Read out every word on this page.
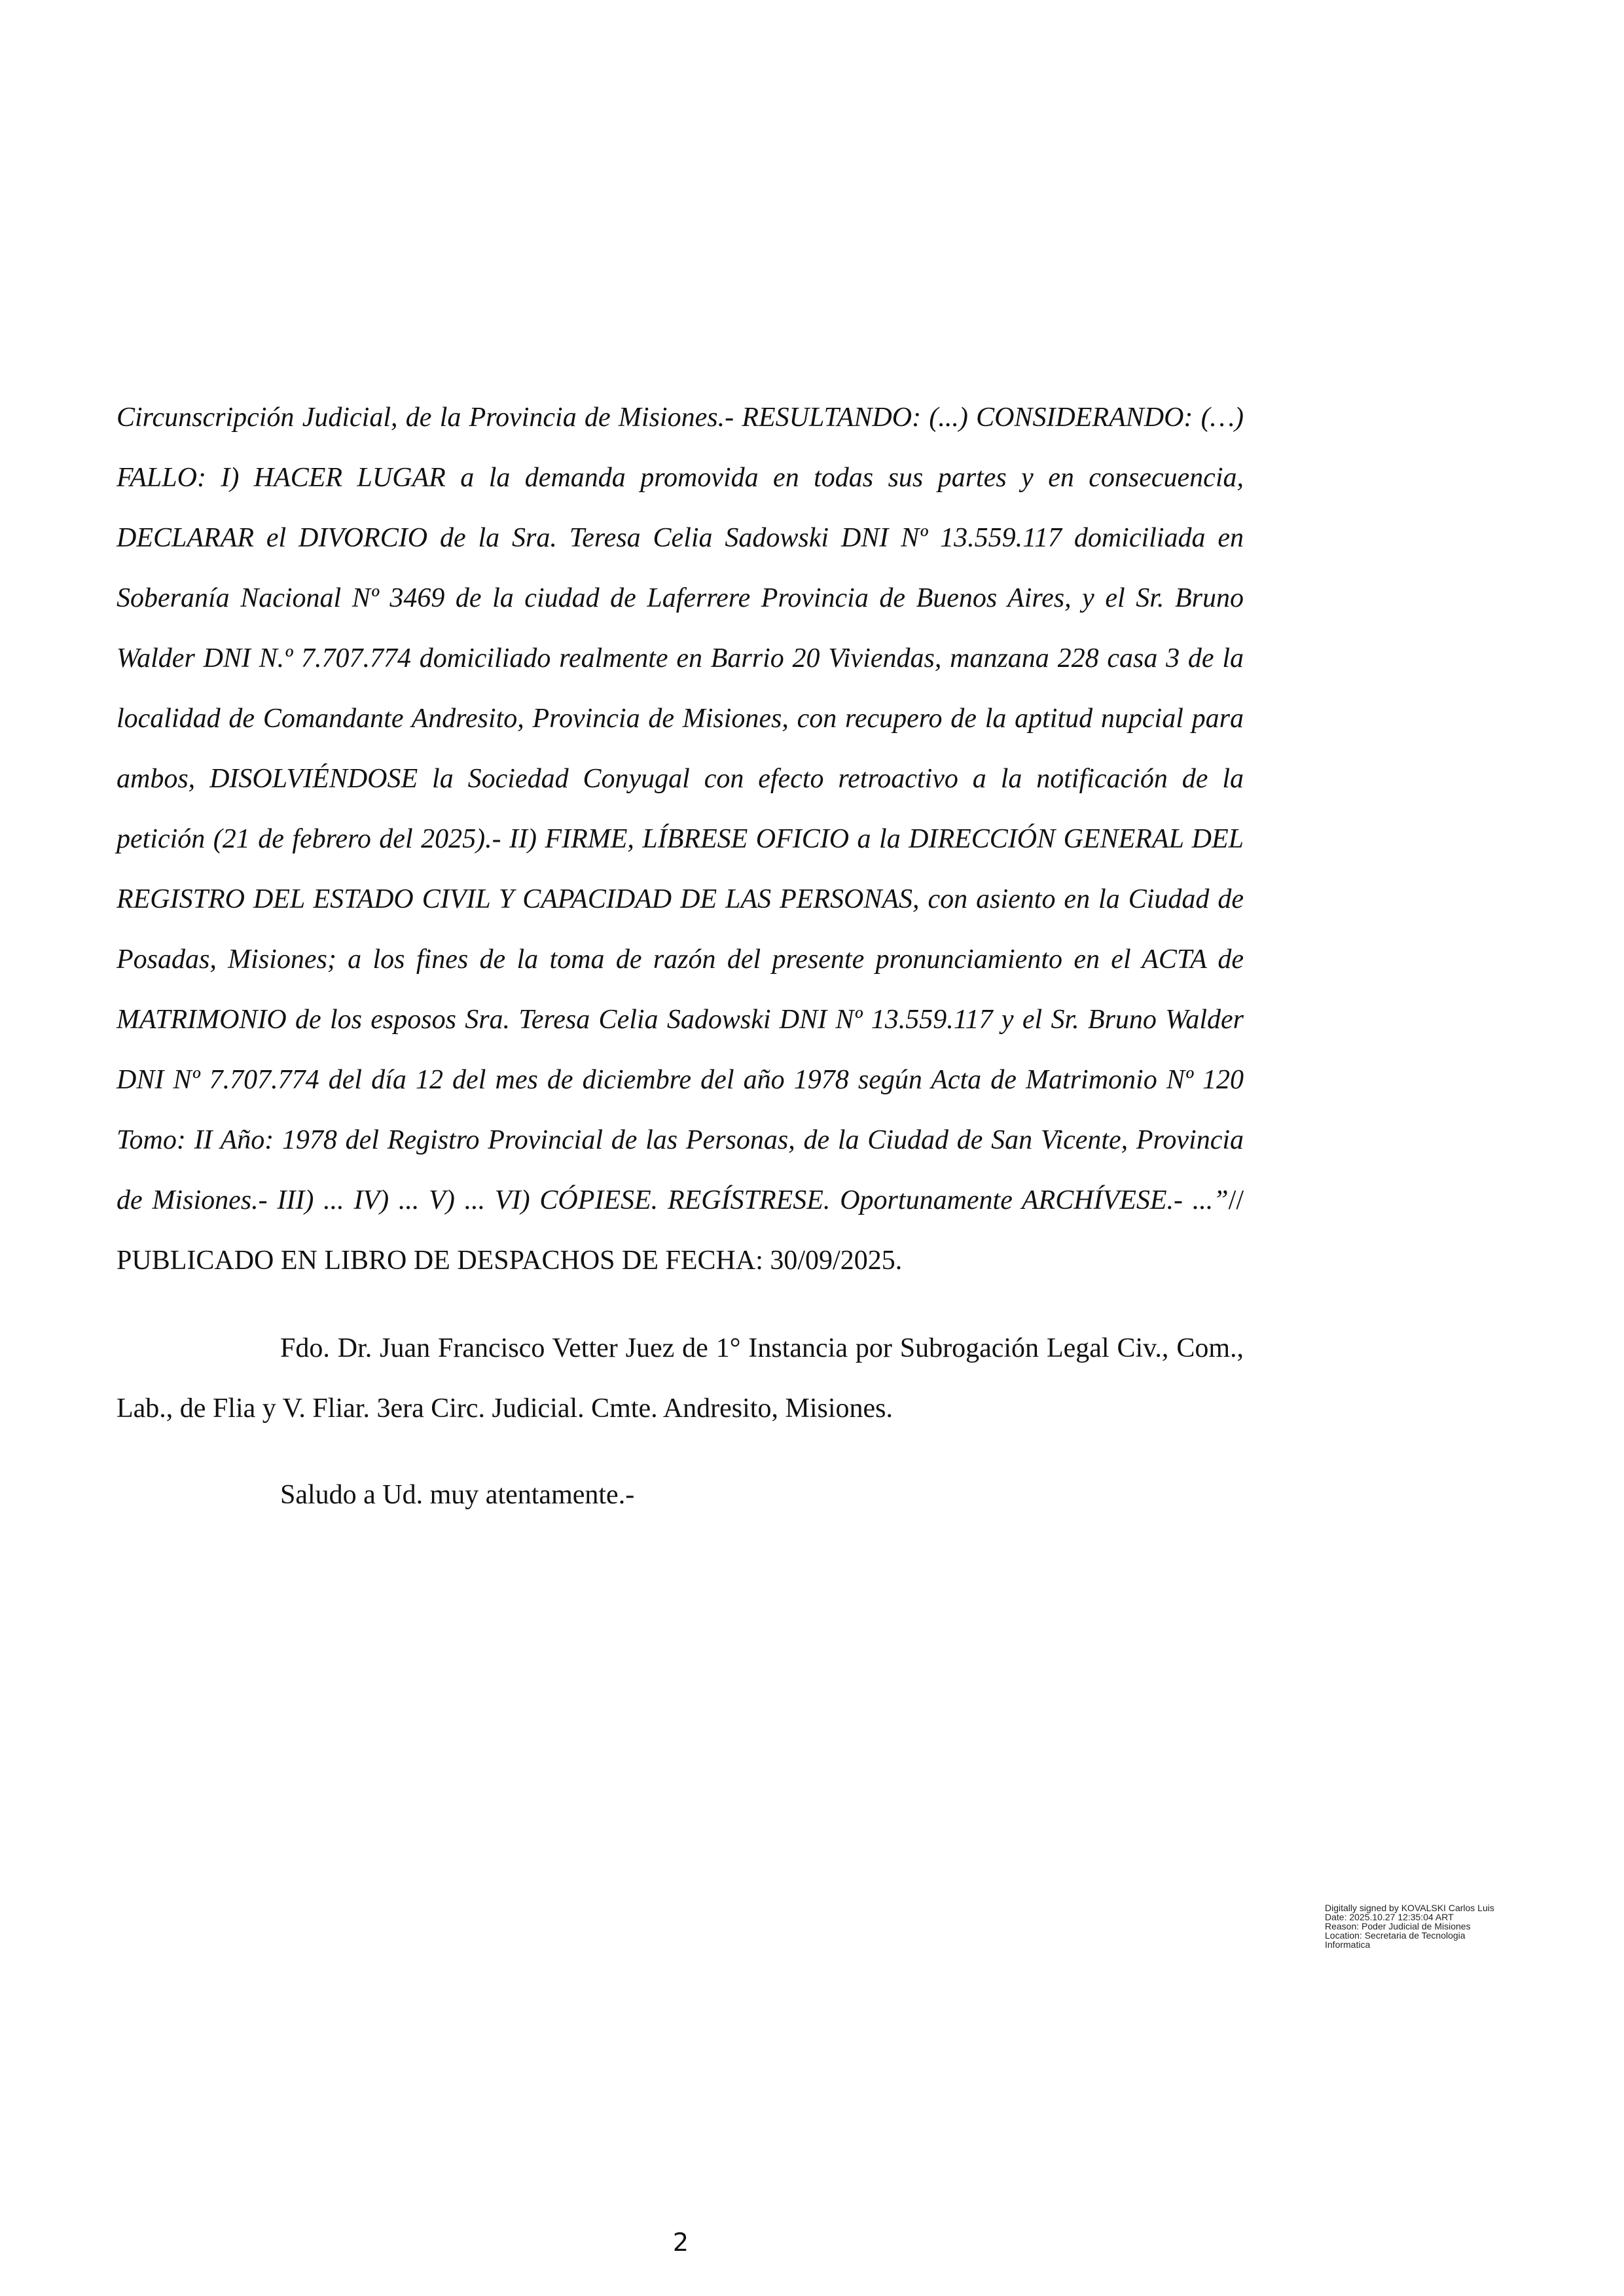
Circunscripción Judicial, de la Provincia de Misiones.- RESULTANDO: (...) CONSIDERANDO: (…) FALLO: I) HACER LUGAR a la demanda promovida en todas sus partes y en consecuencia, DECLARAR el DIVORCIO de la Sra. Teresa Celia Sadowski DNI Nº 13.559.117 domiciliada en Soberanía Nacional Nº 3469 de la ciudad de Laferrere Provincia de Buenos Aires, y el Sr. Bruno Walder DNI N.º 7.707.774 domiciliado realmente en Barrio 20 Viviendas, manzana 228 casa 3 de la localidad de Comandante Andresito, Provincia de Misiones, con recupero de la aptitud nupcial para ambos, DISOLVIÉNDOSE la Sociedad Conyugal con efecto retroactivo a la notificación de la petición (21 de febrero del 2025).- II) FIRME, LÍBRESE OFICIO a la DIRECCIÓN GENERAL DEL REGISTRO DEL ESTADO CIVIL Y CAPACIDAD DE LAS PERSONAS, con asiento en la Ciudad de Posadas, Misiones; a los fines de la toma de razón del presente pronunciamiento en el ACTA de MATRIMONIO de los esposos Sra. Teresa Celia Sadowski DNI Nº 13.559.117 y el Sr. Bruno Walder DNI Nº 7.707.774 del día 12 del mes de diciembre del año 1978 según Acta de Matrimonio Nº 120 Tomo: II Año: 1978 del Registro Provincial de las Personas, de la Ciudad de San Vicente, Provincia de Misiones.- III) ... IV) ... V) ... VI) CÓPIESE. REGÍSTRESE. Oportunamente ARCHÍVESE.- ...”// PUBLICADO EN LIBRO DE DESPACHOS DE FECHA: 30/09/2025.

Fdo. Dr. Juan Francisco Vetter Juez de 1° Instancia por Subrogación Legal Civ., Com., Lab., de Flia y V. Fliar. 3era Circ. Judicial. Cmte. Andresito, Misiones.

Saludo a Ud. muy atentamente.-

Digitally signed by KOVALSKI Carlos Luis
Date: 2025.10.27 12:35:04 ART
Reason: Poder Judicial de Misiones
Location: Secretaria de Tecnologia
Informatica
2
